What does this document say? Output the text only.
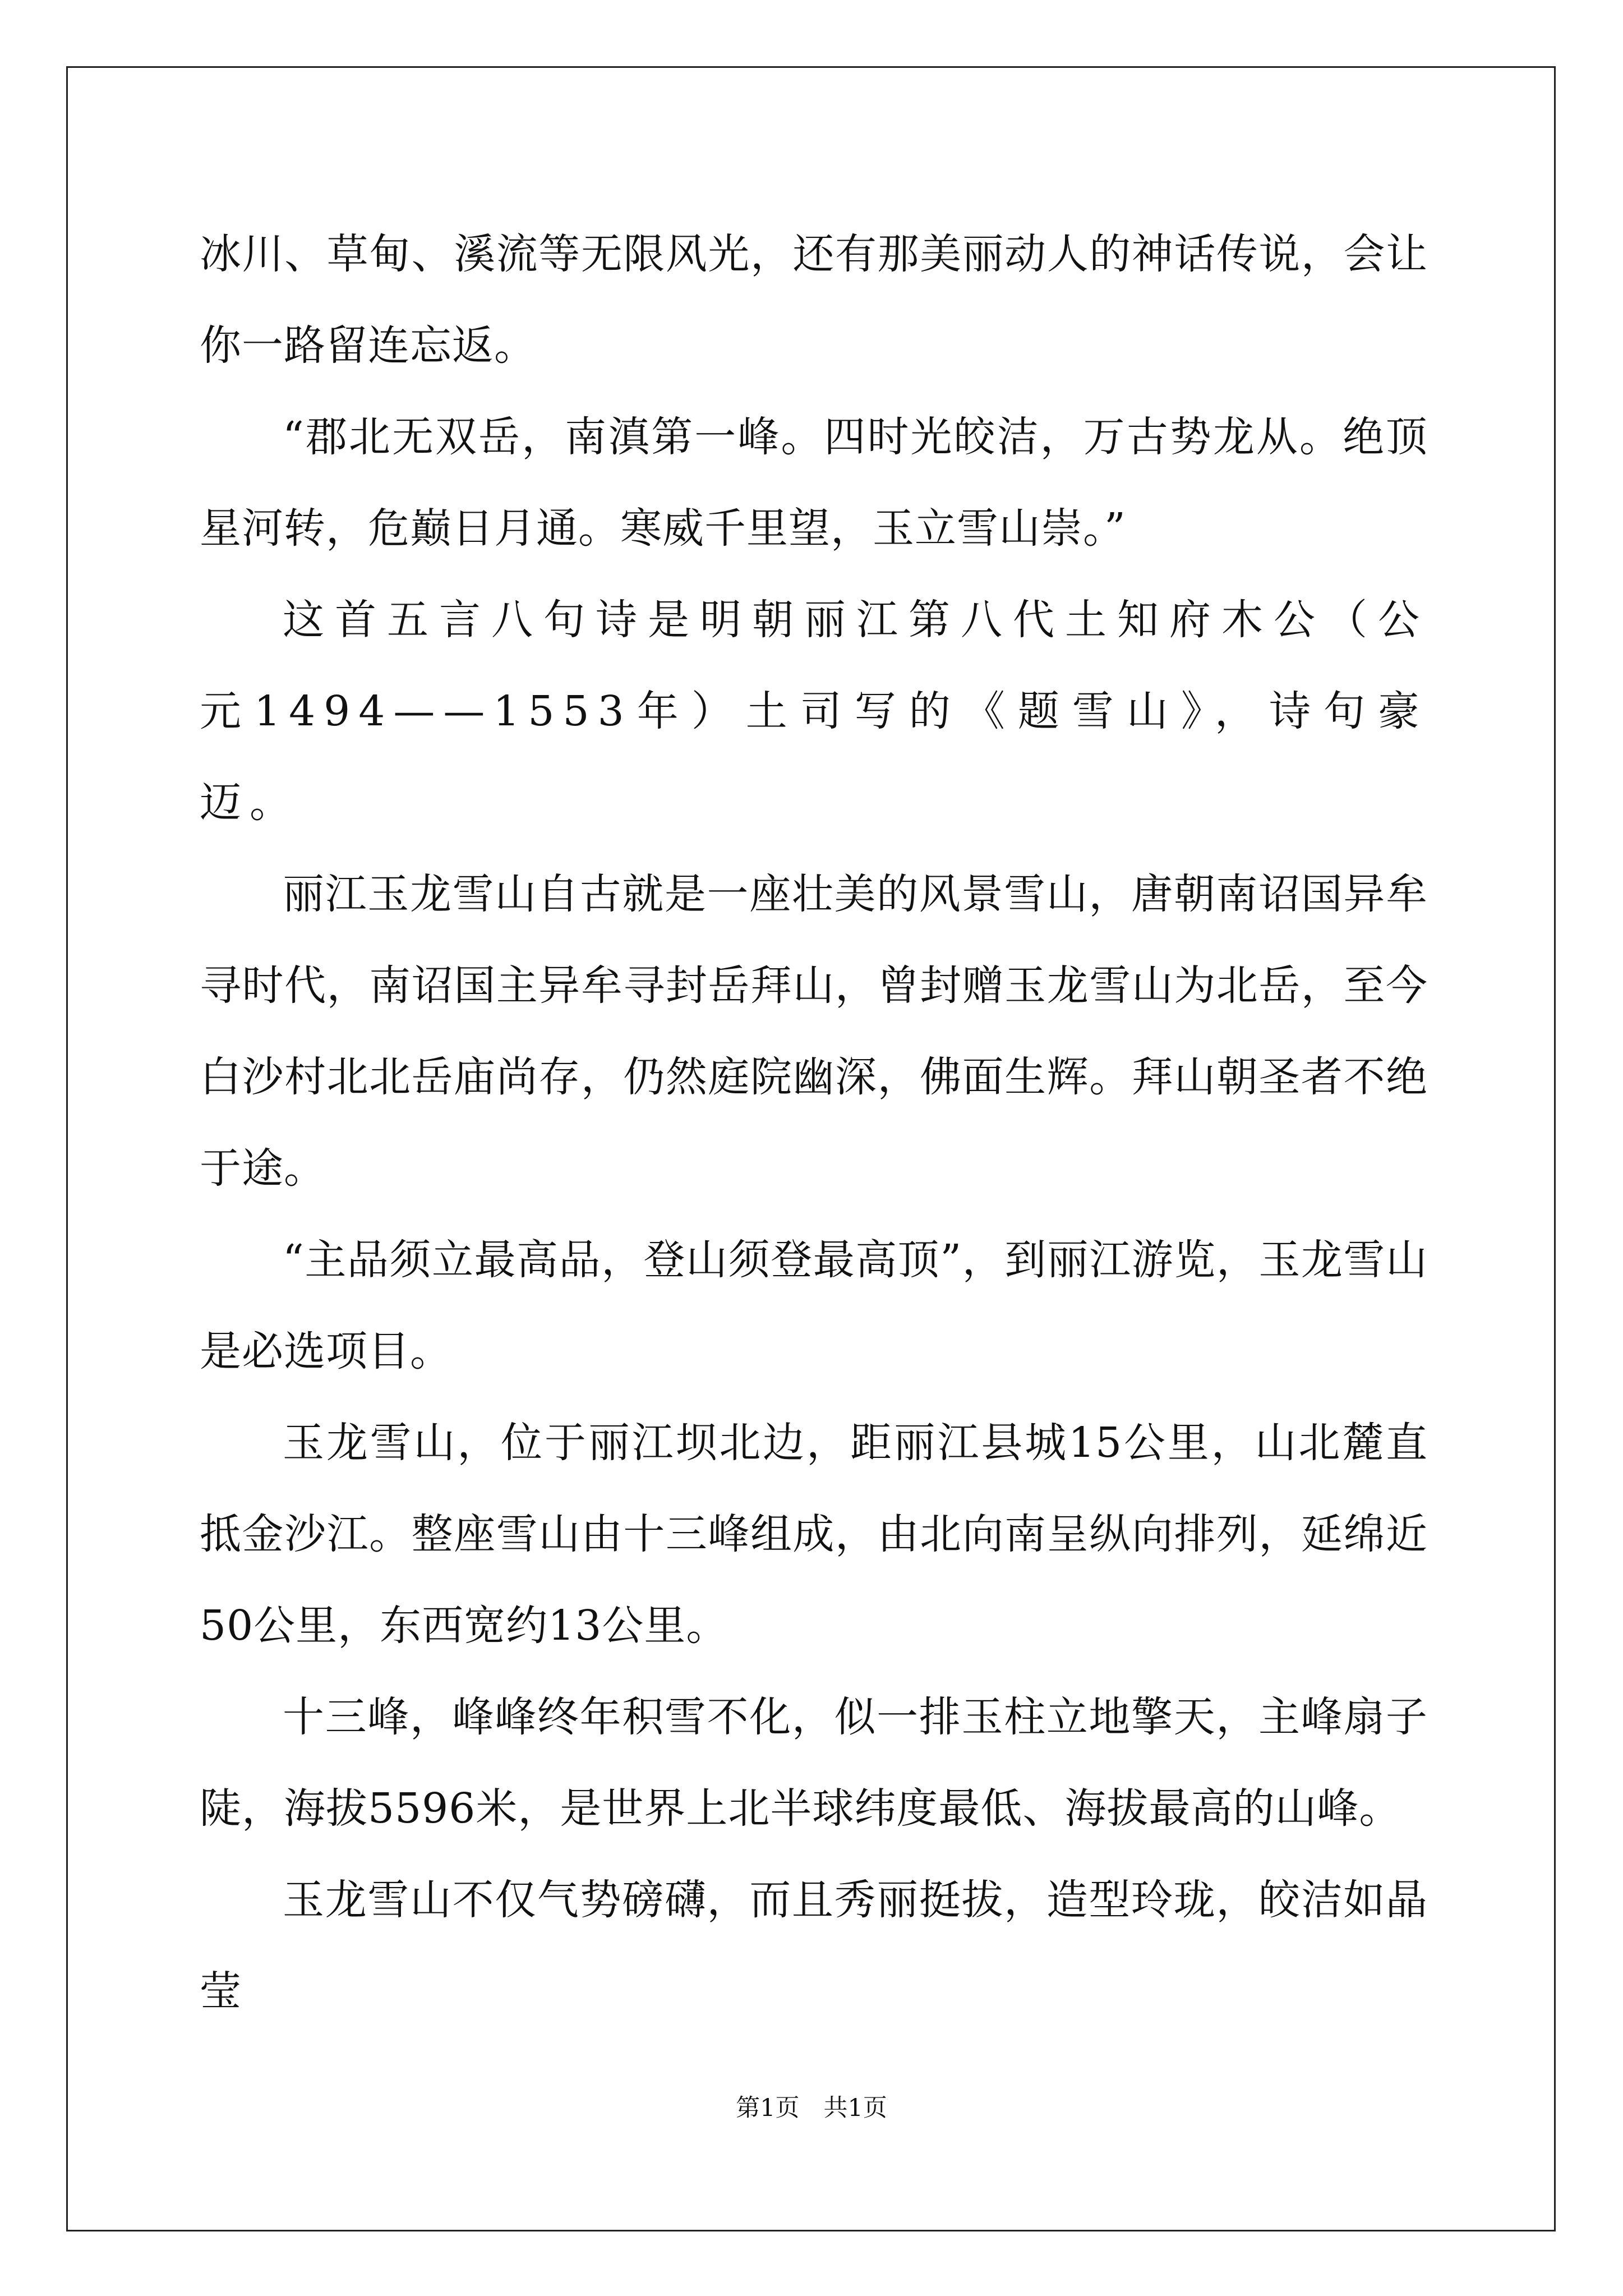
冰川、草甸、溪流等无限风光，还有那美丽动人的神话传说，会让你一路留连忘返。

“郡北无双岳，南滇第一峰。四时光皎洁，万古势龙从。绝顶星河转，危巅日月通。寒威千里望，玉立雪山崇。”

这首五言八句诗是明朝丽江第八代土知府木公（公元1494——1553年）土司写的《题雪山》，诗句豪迈。

丽江玉龙雪山自古就是一座壮美的风景雪山，唐朝南诏国异牟寻时代，南诏国主异牟寻封岳拜山，曾封赠玉龙雪山为北岳，至今白沙村北北岳庙尚存，仍然庭院幽深，佛面生辉。拜山朝圣者不绝于途。

“主品须立最高品，登山须登最高顶”，到丽江游览，玉龙雪山是必选项目。

玉龙雪山，位于丽江坝北边，距丽江县城15公里，山北麓直抵金沙江。整座雪山由十三峰组成，由北向南呈纵向排列，延绵近50公里，东西宽约13公里。

十三峰，峰峰终年积雪不化，似一排玉柱立地擎天，主峰扇子陡，海拔5596米，是世界上北半球纬度最低、海拔最高的山峰。

玉龙雪山不仅气势磅礴，而且秀丽挺拔，造型玲珑，皎洁如晶莹

第1页　共1页
